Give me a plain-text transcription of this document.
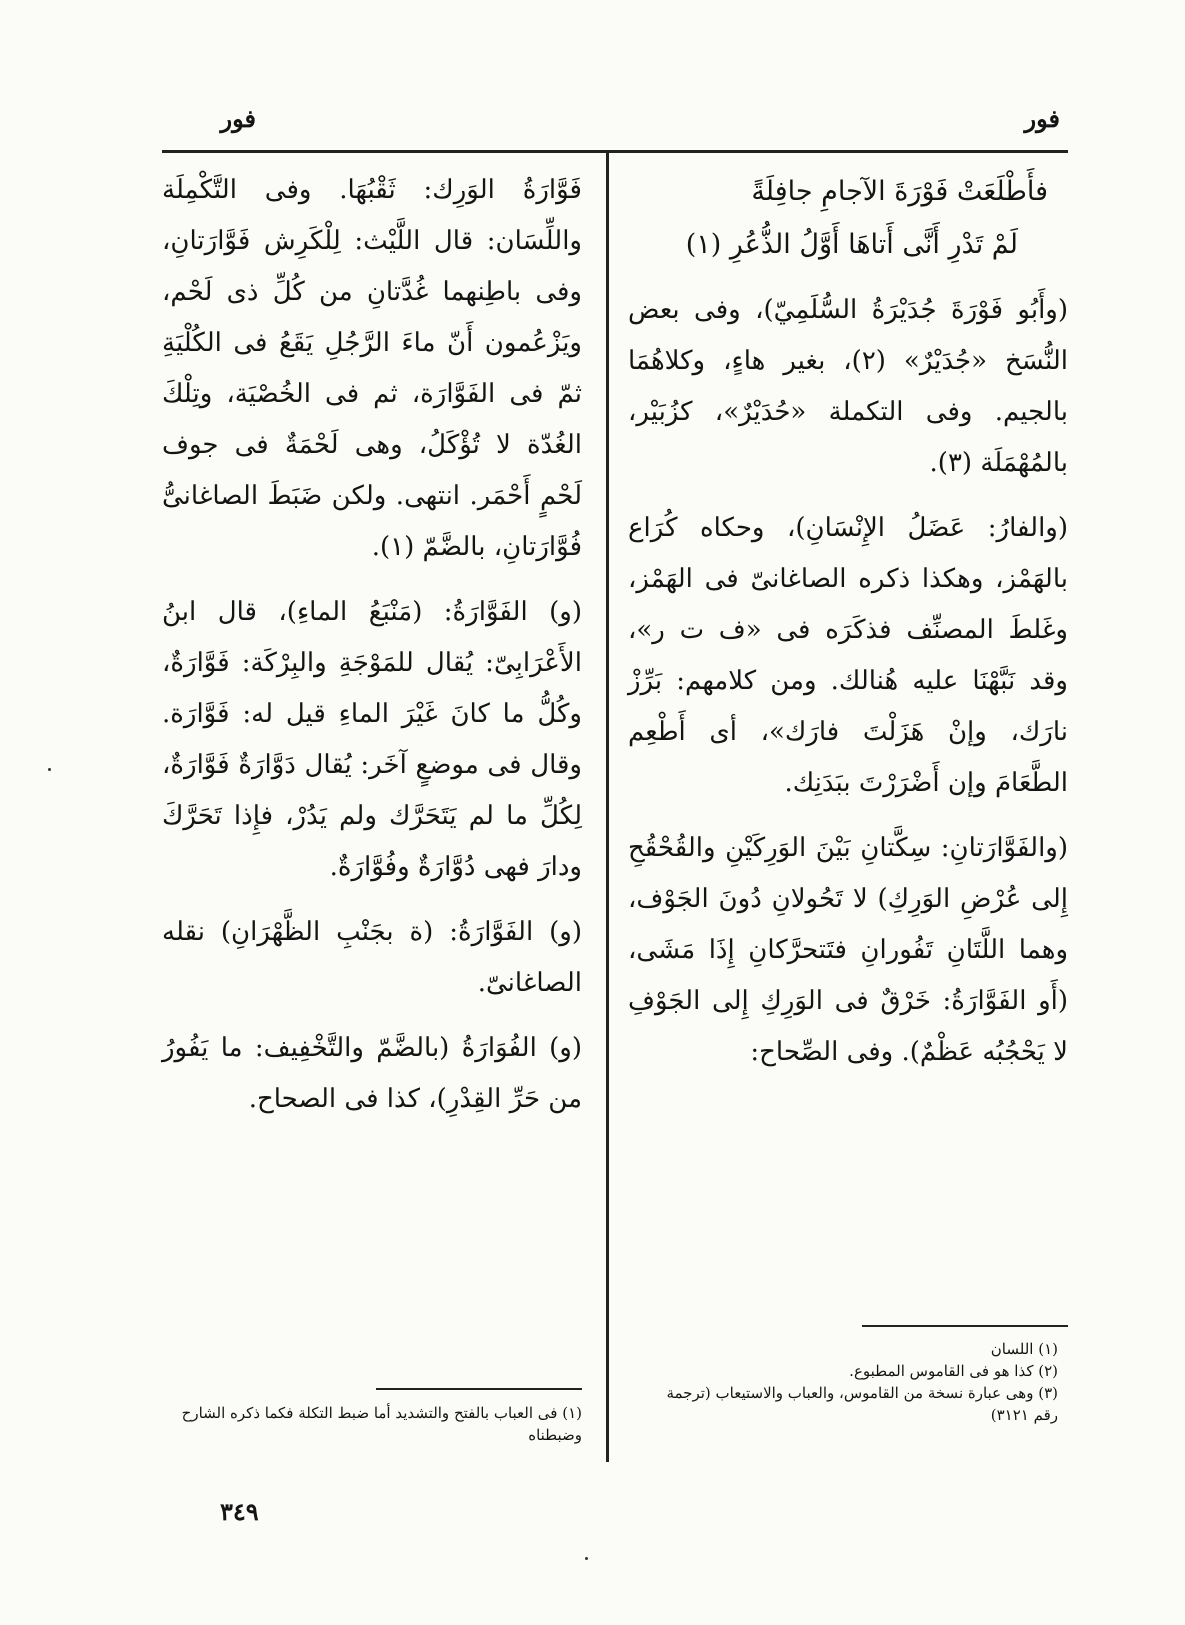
فور
فور
فأَطْلَعَتْ فَوْرَةَ الآجامِ جافِلَةً
لَمْ تَدْرِ أَنَّى أَتاهَا أَوَّلُ الذُّعُرِ (١)

(وأَبُو فَوْرَةَ جُدَيْرَةُ السُّلَمِيّ)، وفى بعض النُّسَخ «جُدَيْرٌ» (٢)، بغير هاءٍ، وكلاهُمَا بالجيم. وفى التكملة «حُدَيْرٌ»، كزُبَيْر، بالمُهْمَلَة (٣).

(والفارُ: عَضَلُ الإِنْسَانِ)، وحكاه كُرَاع بالهَمْز، وهكذا ذكره الصاغانىّ فى الهَمْز، وغَلطَ المصنِّف فذكَرَه فى «ف ت ر»، وقد نَبَّهْنَا عليه هُنالك. ومن كلامهم: بَرِّزْ نارَك، وإنْ هَزَلْتَ فارَك»، أى أَطْعِم الطَّعَامَ وإن أَضْرَرْتَ ببَدَنِك.

(والفَوَّارَتانِ: سِكَّتانِ بَيْنَ الوَرِكَيْنِ والقُحْقُحِ إِلى عُرْضِ الوَرِكِ) لا تَحُولانِ دُونَ الجَوْف، وهما اللَّتَانِ تَفُورانِ فتَتحرَّكانِ إِذَا مَشَى، (أَو الفَوَّارَةُ: خَرْقٌ فى الوَرِكِ إِلى الجَوْفِ لا يَحْجُبُه عَظْمٌ). وفى الصِّحاح:

(١) اللسان
(٢) كذا هو فى القاموس المطبوع.
(٣) وهى عبارة نسخة من القاموس، والعباب والاستيعاب (ترجمة رقم ٣١٢١)

فَوَّارَةُ الوَرِك: ثَقْبُهَا. وفى التَّكْمِلَة واللِّسَان: قال اللَّيْث: لِلْكَرِش فَوَّارَتانِ، وفى باطِنهما غُدَّتانِ من كُلِّ ذى لَحْم، ويَزْعُمون أَنّ ماءَ الرَّجُلِ يَقَعُ فى الكُلْيَةِ ثمّ فى الفَوَّارَة، ثم فى الخُصْيَة، وتِلْكَ الغُدّة لا تُؤْكَلُ، وهى لَحْمَةٌ فى جوف لَحْمٍ أَحْمَر. انتهى. ولكن ضَبَطَ الصاغانىُّ فُوَّارَتانِ، بالضَّمّ (١).

(و) الفَوَّارَةُ: (مَنْبَعُ الماءِ)، قال ابنُ الأَعْرَابِىّ: يُقال للمَوْجَةِ والبِرْكَة: فَوَّارَةٌ، وكُلُّ ما كانَ غَيْرَ الماءِ قيل له: فَوَّارَة. وقال فى موضعٍ آخَر: يُقال دَوَّارَةٌ فَوَّارَةٌ، لِكُلِّ ما لم يَتَحَرَّك ولم يَدُرْ، فإِذا تَحَرَّكَ ودارَ فهى دُوَّارَةٌ وفُوَّارَةٌ.

(و) الفَوَّارَةُ: (ة بجَنْبِ الظَّهْرَانِ) نقله الصاغانىّ.

(و) الفُوَارَةُ (بالضَّمّ والتَّخْفِيف: ما يَفُورُ من حَرِّ القِدْرِ)، كذا فى الصحاح.

(١) فى العباب بالفتح والتشديد أما ضبط التكلة فكما ذكره الشارح وضبطناه
٣٤٩
